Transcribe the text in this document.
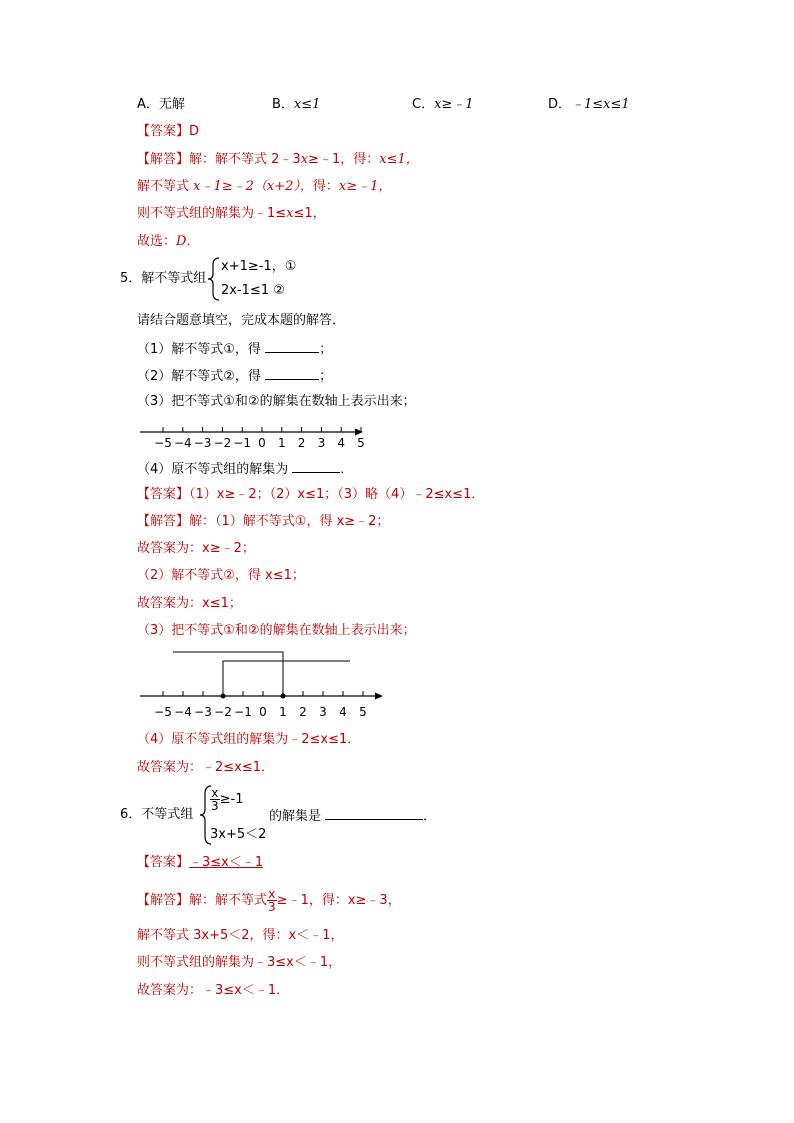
A．无解	B．x≤1	C．x≥﹣1	D．﹣1≤x≤1
【答案】D
【解答】解：解不等式 2﹣3x≥﹣1，得：x≤1，
解不等式 x﹣1≥﹣2（x+2），得：x≥﹣1，
则不等式组的解集为﹣1≤x≤1，
故选：D．
5．解不等式组
x+1≥-1，①
2x-1≤1 ②
请结合题意填空，完成本题的解答．
（1）解不等式①，得	；
（2）解不等式②，得	；
（3）把不等式①和②的解集在数轴上表示出来；
−5 −4 −3 −2 −1 0 1 2 3 4 5
（4）原不等式组的解集为	．
【答案】（1）x≥﹣2；（2）x≤1；（3）略（4）﹣2≤x≤1．
【解答】解：（1）解不等式①，得 x≥﹣2；
故答案为：x≥﹣2；
（2）解不等式②，得 x≤1；
故答案为：x≤1；
（3）把不等式①和②的解集在数轴上表示出来；
−5 −4 −3 −2 −1 0 1 2 3 4 5
（4）原不等式组的解集为﹣2≤x≤1．
故答案为：﹣2≤x≤1．
6．不等式组
$\frac{x}{3} \ge-1$
3x+5＜2
的解集是	．
【答案】﹣3≤x＜﹣1
【解答】解：解不等式 $\frac{x}{3}$ ≥﹣1，得：x≥﹣3，
解不等式 3x+5＜2，得：x＜﹣1，
则不等式组的解集为﹣3≤x＜﹣1，
故答案为：﹣3≤x＜﹣1．
